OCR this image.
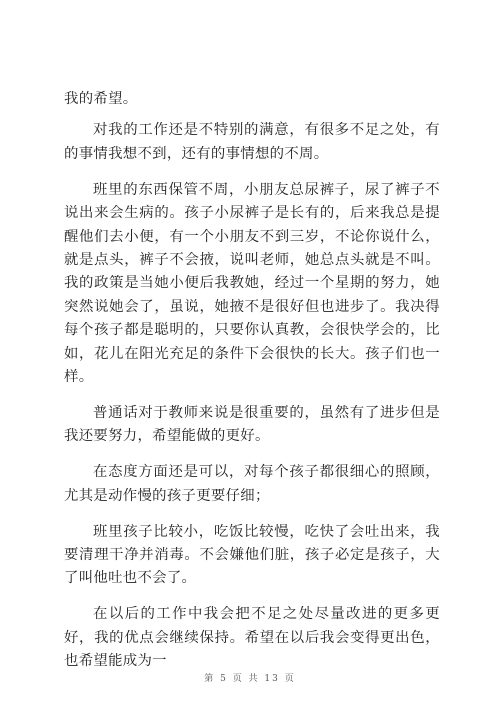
我的希望。

对我的工作还是不特别的满意，有很多不足之处，有的事情我想不到，还有的事情想的不周。

班里的东西保管不周，小朋友总尿裤子，尿了裤子不说出来会生病的。孩子小尿裤子是长有的，后来我总是提醒他们去小便，有一个小朋友不到三岁，不论你说什么，就是点头，裤子不会掖，说叫老师，她总点头就是不叫。我的政策是当她小便后我教她，经过一个星期的努力，她突然说她会了，虽说，她掖不是很好但也进步了。我决得每个孩子都是聪明的，只要你认真教，会很快学会的，比如，花儿在阳光充足的条件下会很快的长大。孩子们也一样。

普通话对于教师来说是很重要的，虽然有了进步但是我还要努力，希望能做的更好。

在态度方面还是可以，对每个孩子都很细心的照顾，尤其是动作慢的孩子更要仔细；

班里孩子比较小，吃饭比较慢，吃快了会吐出来，我要清理干净并消毒。不会嫌他们脏，孩子必定是孩子，大了叫他吐也不会了。

在以后的工作中我会把不足之处尽量改进的更多更好，我的优点会继续保持。希望在以后我会变得更出色，也希望能成为一

第 5 页 共 13 页
